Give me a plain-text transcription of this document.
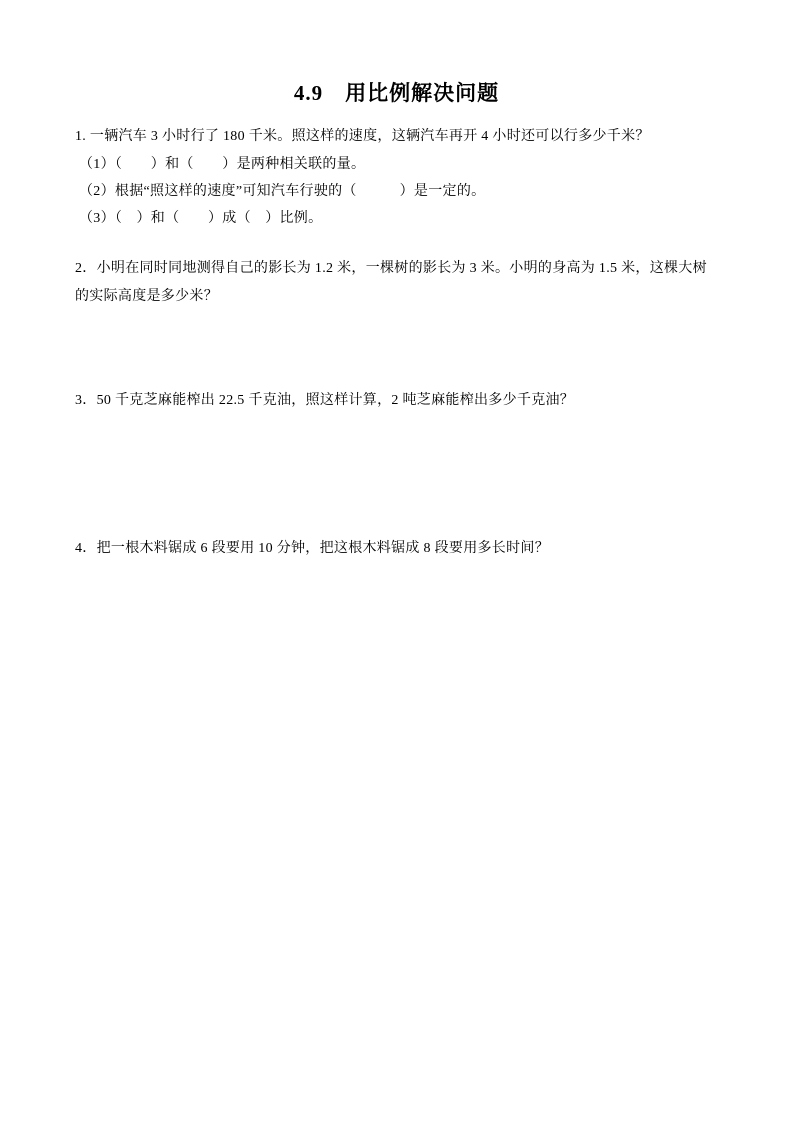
4.9　用比例解决问题

1. 一辆汽车 3 小时行了 180 千米。照这样的速度，这辆汽车再开 4 小时还可以行多少千米？

（1）（　　）和（　　）是两种相关联的量。

（2）根据“照这样的速度”可知汽车行驶的（　　　）是一定的。

（3）（　）和（　　）成（　）比例。

2．小明在同时同地测得自己的影长为 1.2 米，一棵树的影长为 3 米。小明的身高为 1.5 米，这棵大树的实际高度是多少米？

3．50 千克芝麻能榨出 22.5 千克油，照这样计算，2 吨芝麻能榨出多少千克油？

4．把一根木料锯成 6 段要用 10 分钟，把这根木料锯成 8 段要用多长时间？
